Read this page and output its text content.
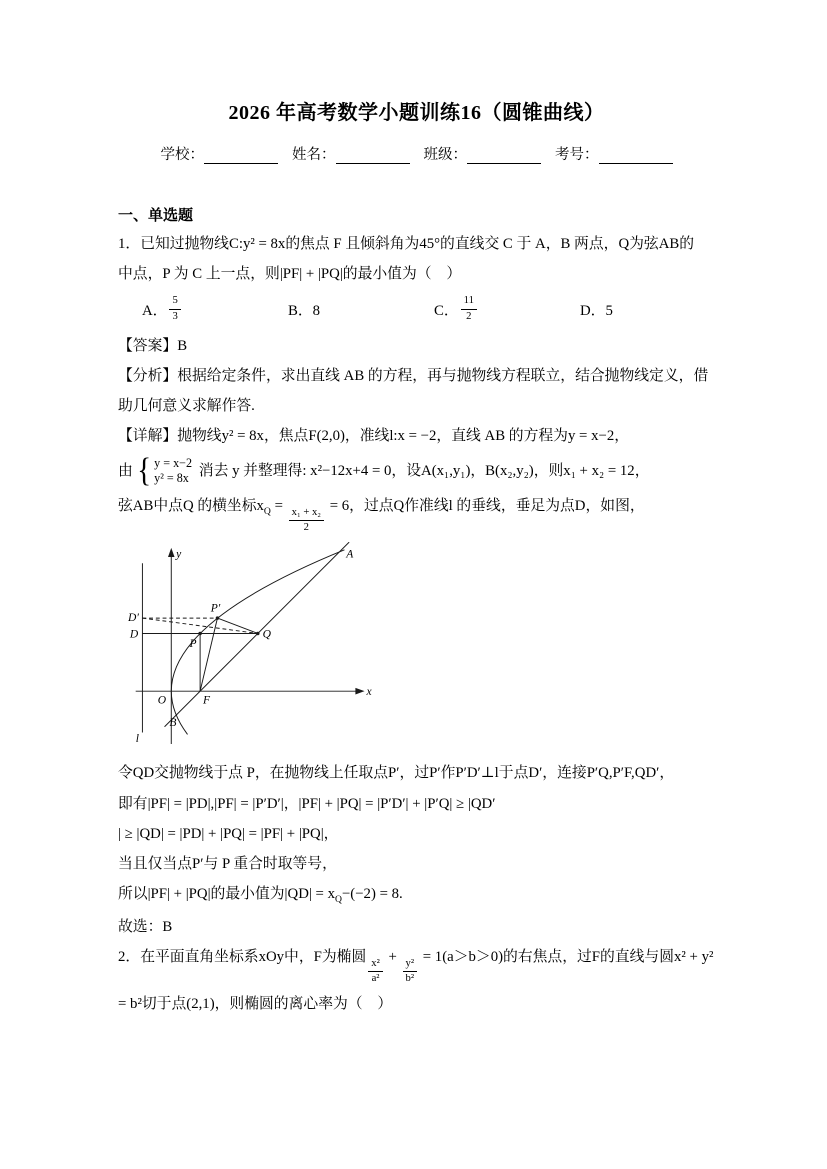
2026 年高考数学小题训练16（圆锥曲线）
学校：	姓名：	班级：	考号：
一、单选题

1．已知过抛物线C:y² = 8x的焦点 F 且倾斜角为45°的直线交 C 于 A，B 两点，Q为弦AB的

中点，P 为 C 上一点，则|PF| + |PQ|的最小值为（　）

A． $\frac{5}{3}$	B．8	C． $\frac{11}{2}$	D．5

【答案】B

【分析】根据给定条件，求出直线 AB 的方程，再与抛物线方程联立，结合抛物线定义，借

助几何意义求解作答.

【详解】抛物线y² = 8x，焦点F(2,0)，准线l:x = −2，直线 AB 的方程为y = x−2，

由 { y = x−2
y² = 8x 消去 y 并整理得: x²−12x+4 = 0，设A(x₁,y₁)，B(x₂,y₂)，则x₁ + x₂ = 12，

弦AB中点Q 的横坐标$x_Q$ =
$\frac{\text{x₁ + x₂}}{2}$
= 6，过点Q作准线l 的垂线，垂足为点D，如图，

y
x
O	F
A
B
Q
D
D′
P
P′
l

令QD交抛物线于点 P，在抛物线上任取点P′，过P′作P′D′⊥l于点D′，连接P′Q,P′F,QD′，

即有|PF| = |PD|,|PF| = |P′D′|，|PF| + |PQ| = |P′D′| + |P′Q| ≥ |QD′

| ≥ |QD| = |PD| + |PQ| = |PF| + |PQ|，

当且仅当点P′与 P 重合时取等号，

所以|PF| + |PQ|的最小值为$|QD| = x_Q-(-2) = 8$.

故选：B

2．在平面直角坐标系xOy中，F为椭圆
$\frac{\text{x²}}{\text{a²}}$
+
$\frac{\text{y²}}{\text{b²}}$
= 1(a＞b＞0)的右焦点，过F的直线与圆x² + y²

= b²切于点(2,1)，则椭圆的离心率为（　）
